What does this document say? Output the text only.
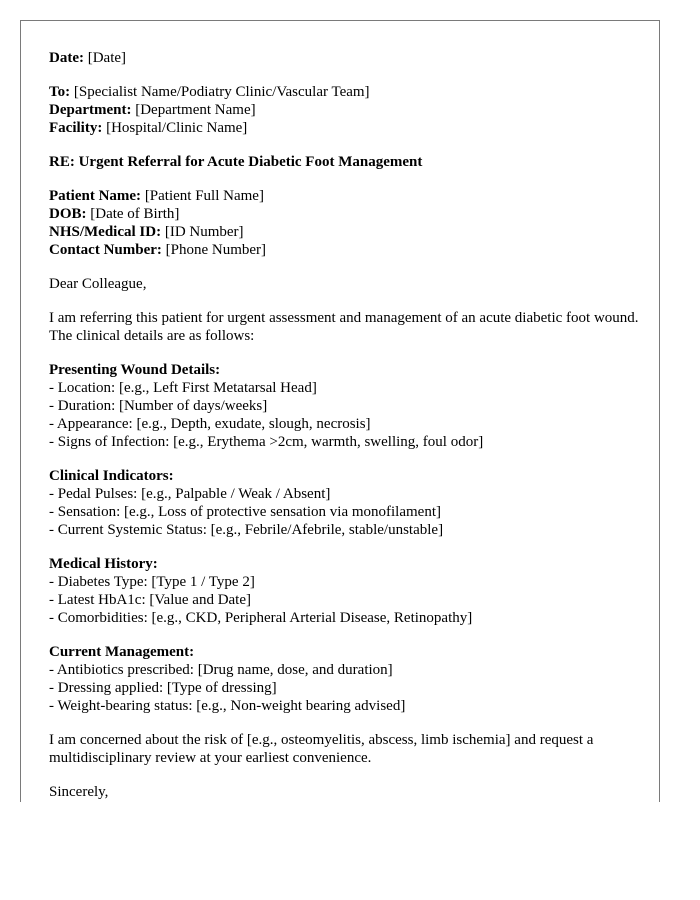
Date: [Date]

To: [Specialist Name/Podiatry Clinic/Vascular Team]

Department: [Department Name]

Facility: [Hospital/Clinic Name]

RE: Urgent Referral for Acute Diabetic Foot Management

Patient Name: [Patient Full Name]

DOB: [Date of Birth]

NHS/Medical ID: [ID Number]

Contact Number: [Phone Number]

Dear Colleague,

I am referring this patient for urgent assessment and management of an acute diabetic foot wound. The clinical details are as follows:

Presenting Wound Details:

- Location: [e.g., Left First Metatarsal Head]

- Duration: [Number of days/weeks]

- Appearance: [e.g., Depth, exudate, slough, necrosis]

- Signs of Infection: [e.g., Erythema >2cm, warmth, swelling, foul odor]

Clinical Indicators:

- Pedal Pulses: [e.g., Palpable / Weak / Absent]

- Sensation: [e.g., Loss of protective sensation via monofilament]

- Current Systemic Status: [e.g., Febrile/Afebrile, stable/unstable]

Medical History:

- Diabetes Type: [Type 1 / Type 2]

- Latest HbA1c: [Value and Date]

- Comorbidities: [e.g., CKD, Peripheral Arterial Disease, Retinopathy]

Current Management:

- Antibiotics prescribed: [Drug name, dose, and duration]

- Dressing applied: [Type of dressing]

- Weight-bearing status: [e.g., Non-weight bearing advised]

I am concerned about the risk of [e.g., osteomyelitis, abscess, limb ischemia] and request a multidisciplinary review at your earliest convenience.

Sincerely,
